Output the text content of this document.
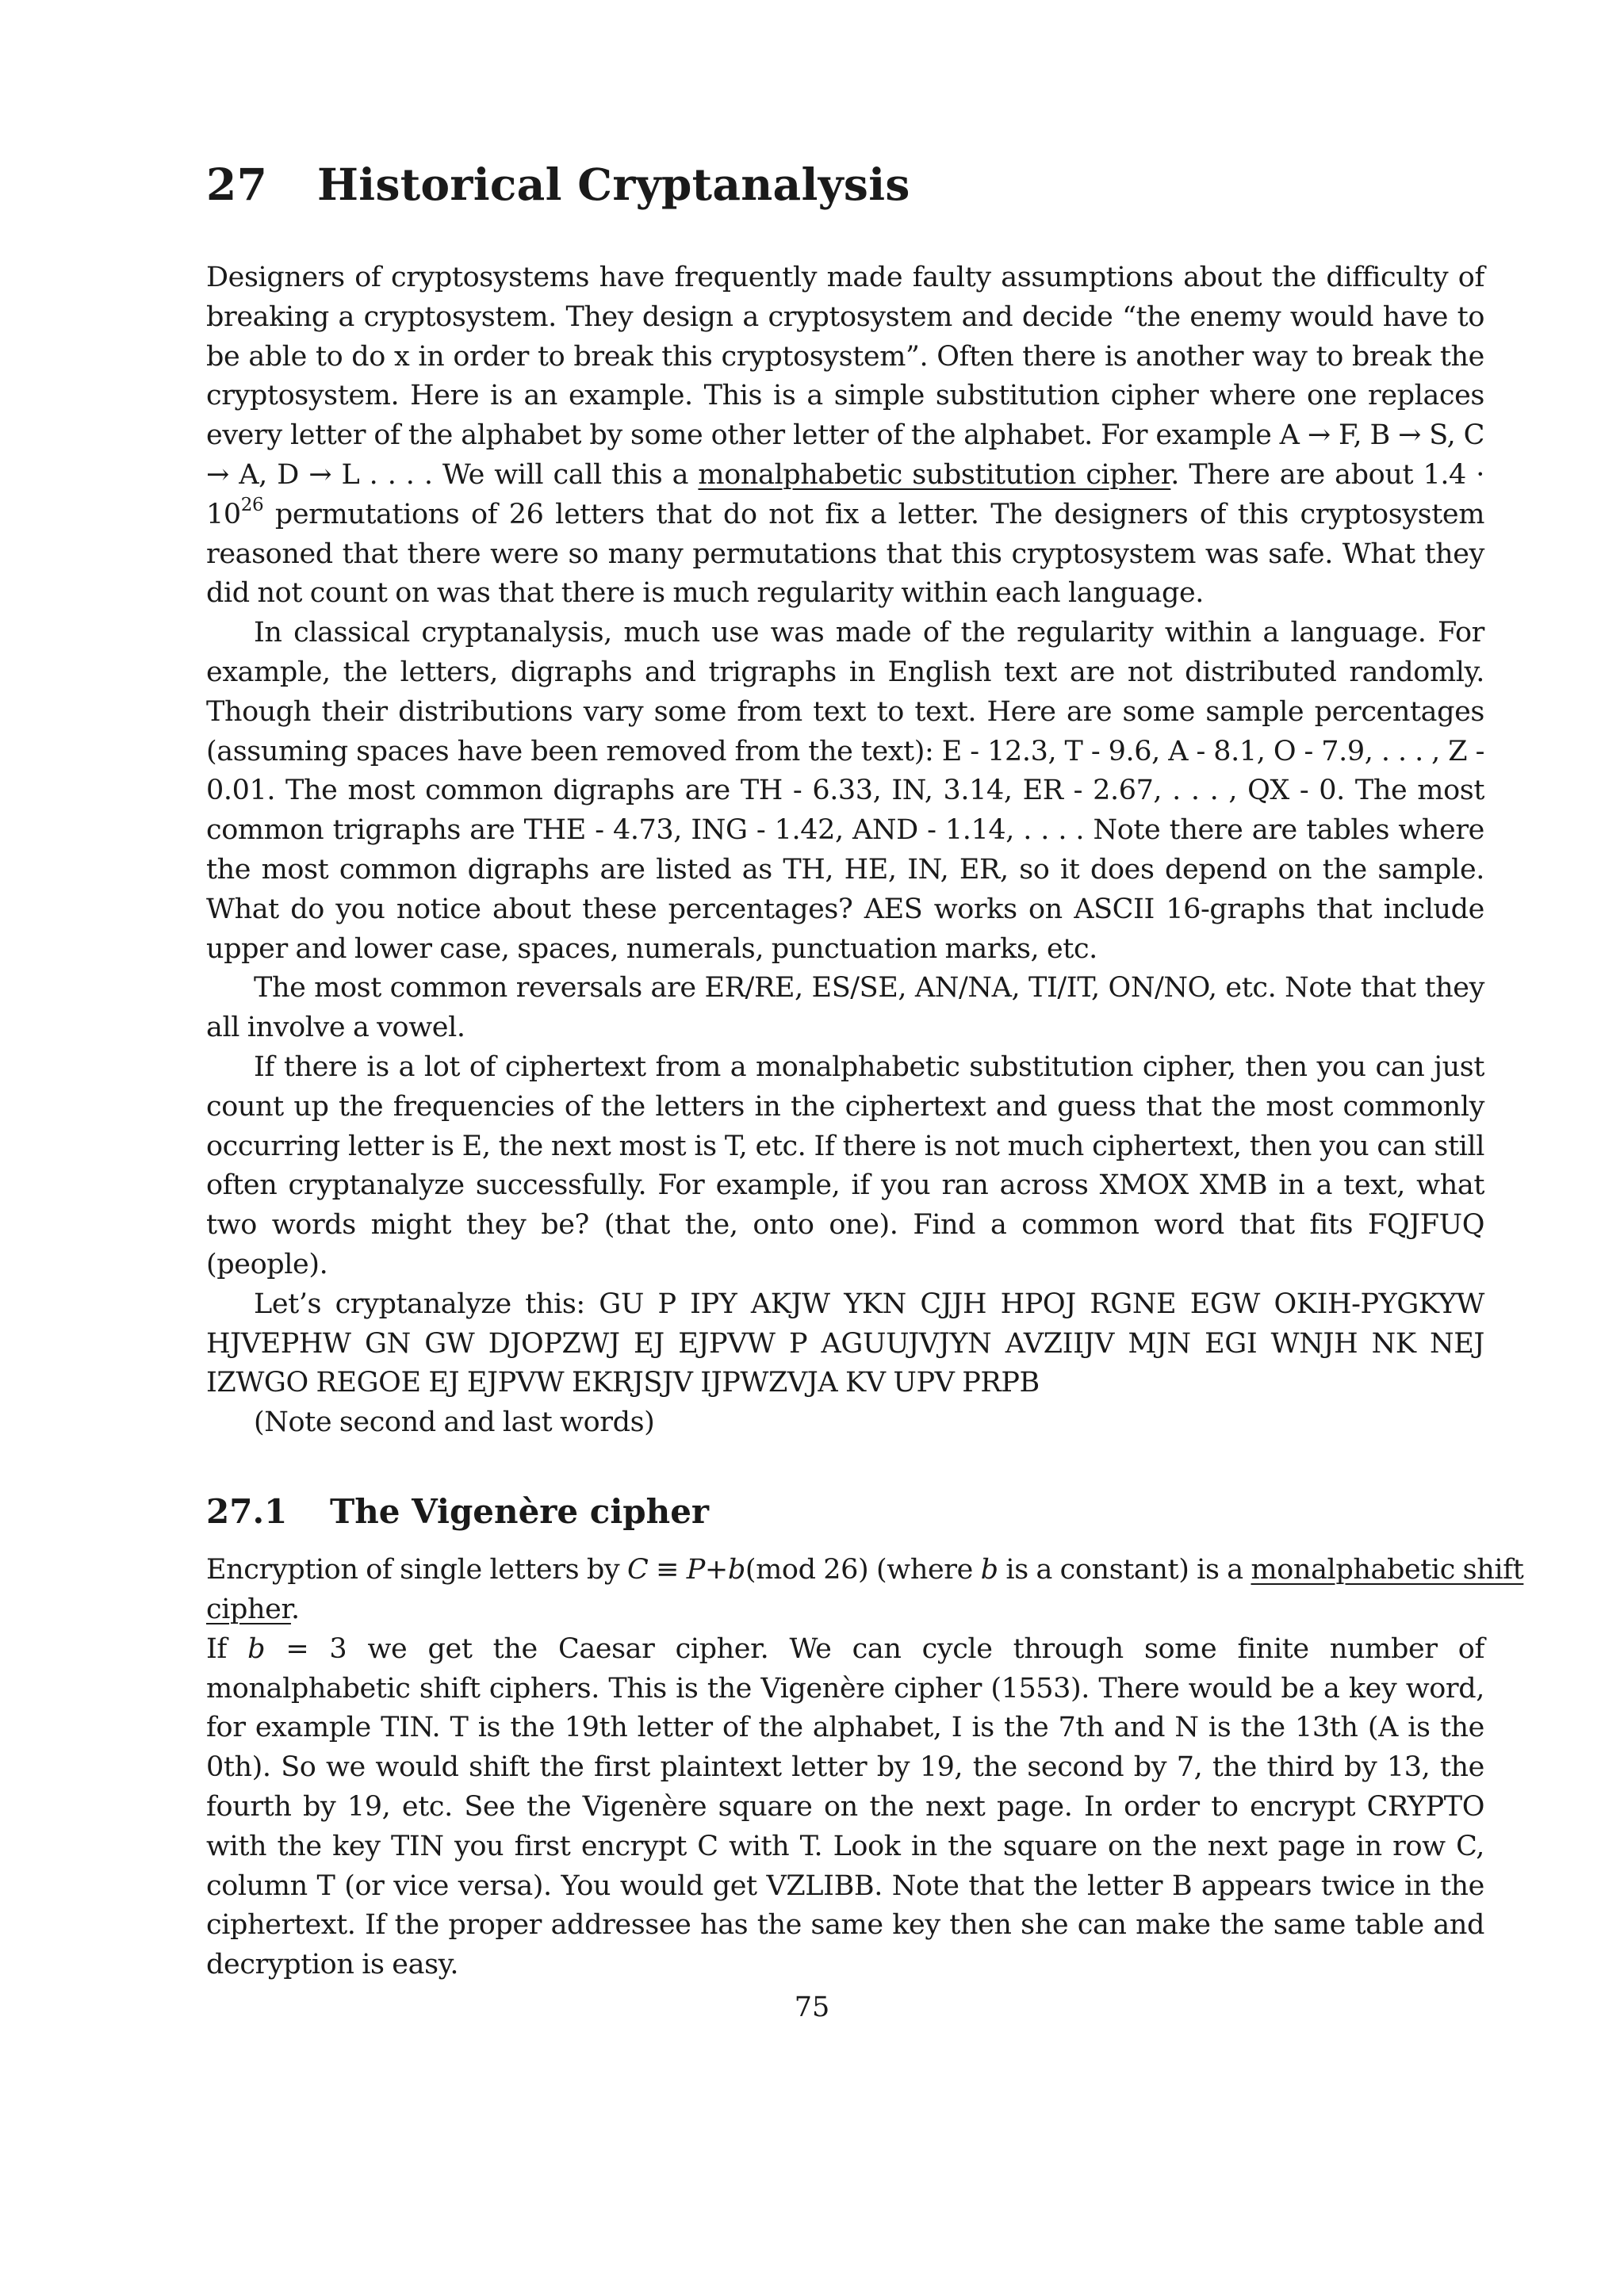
27 Historical Cryptanalysis

Designers of cryptosystems have frequently made faulty assumptions about the difficulty of breaking a cryptosystem. They design a cryptosystem and decide “the enemy would have to be able to do x in order to break this cryptosystem”. Often there is another way to break the cryptosystem. Here is an example. This is a simple substitution cipher where one replaces every letter of the alphabet by some other letter of the alphabet. For example A → F, B → S, C → A, D → L . . . . We will call this a monalphabetic substitution cipher. There are about $1.4 \cdot 10^{26}$ permutations of 26 letters that do not fix a letter. The designers of this cryptosystem reasoned that there were so many permutations that this cryptosystem was safe. What they did not count on was that there is much regularity within each language.

In classical cryptanalysis, much use was made of the regularity within a language. For example, the letters, digraphs and trigraphs in English text are not distributed randomly. Though their distributions vary some from text to text. Here are some sample percentages (assuming spaces have been removed from the text): E - 12.3, T - 9.6, A - 8.1, O - 7.9, . . . , Z - 0.01. The most common digraphs are TH - 6.33, IN, 3.14, ER - 2.67, . . . , QX - 0. The most common trigraphs are THE - 4.73, ING - 1.42, AND - 1.14, . . . . Note there are tables where the most common digraphs are listed as TH, HE, IN, ER, so it does depend on the sample. What do you notice about these percentages? AES works on ASCII 16-graphs that include upper and lower case, spaces, numerals, punctuation marks, etc.

The most common reversals are ER/RE, ES/SE, AN/NA, TI/IT, ON/NO, etc. Note that they all involve a vowel.

If there is a lot of ciphertext from a monalphabetic substitution cipher, then you can just count up the frequencies of the letters in the ciphertext and guess that the most commonly occurring letter is E, the next most is T, etc. If there is not much ciphertext, then you can still often cryptanalyze successfully. For example, if you ran across XMOX XMB in a text, what two words might they be? (that the, onto one). Find a common word that fits FQJFUQ (people).

Let’s cryptanalyze this: GU P IPY AKJW YKN CJJH HPOJ RGNE EGW OKIH-PYGKYW HJVEPHW GN GW DJOPZWJ EJ EJPVW P AGUUJVJYN AVZIIJV MJN EGI WNJH NK NEJ IZWGO REGOE EJ EJPVW EKRJSJV IJPWZVJA KV UPV PRPB

(Note second and last words)

27.1 The Vigenère cipher

Encryption of single letters by C ≡ P+b(mod 26) (where b is a constant) is a monalphabetic shift cipher.

If b = 3 we get the Caesar cipher. We can cycle through some finite number of monalphabetic shift ciphers. This is the Vigenère cipher (1553). There would be a key word, for example TIN. T is the 19th letter of the alphabet, I is the 7th and N is the 13th (A is the 0th). So we would shift the first plaintext letter by 19, the second by 7, the third by 13, the fourth by 19, etc. See the Vigenère square on the next page. In order to encrypt CRYPTO with the key TIN you first encrypt C with T. Look in the square on the next page in row C, column T (or vice versa). You would get VZLIBB. Note that the letter B appears twice in the ciphertext. If the proper addressee has the same key then she can make the same table and decryption is easy.

75
